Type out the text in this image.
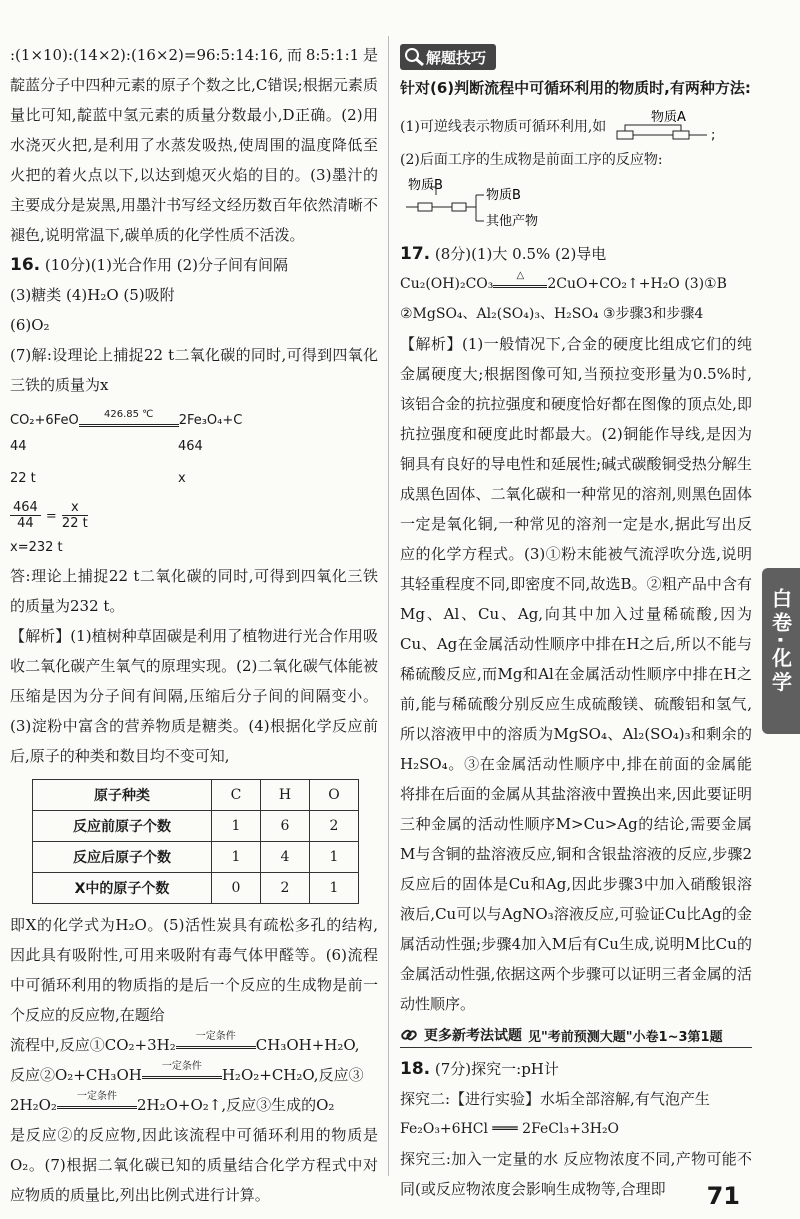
:(1×10):(14×2):(16×2)=96:5:14:16,而8:5:1:1是靛蓝分子中四种元素的原子个数之比,C错误;根据元素质量比可知,靛蓝中氢元素的质量分数最小,D正确。(2)用水浇灭火把,是利用了水蒸发吸热,使周围的温度降低至火把的着火点以下,以达到熄灭火焰的目的。(3)墨汁的主要成分是炭黑,用墨汁书写经文经历数百年依然清晰不褪色,说明常温下,碳单质的化学性质不活泼。

16. (10分)(1)光合作用 (2)分子间有间隔

(3)糖类 (4)H₂O (5)吸附

(6)O₂

(7)解:设理论上捕捉22 t二氧化碳的同时,可得到四氧化三铁的质量为x

CO₂+6FeO	426.85 ℃	2Fe₃O₄+C
44	464
22 t	x
$\frac{464}{44} = \frac{x}{22 t}$
x=232 t

答:理论上捕捉22 t二氧化碳的同时,可得到四氧化三铁的质量为232 t。

【解析】(1)植树种草固碳是利用了植物进行光合作用吸收二氧化碳产生氧气的原理实现。(2)二氧化碳气体能被压缩是因为分子间有间隔,压缩后分子间的间隔变小。(3)淀粉中富含的营养物质是糖类。(4)根据化学反应前后,原子的种类和数目均不变可知,

原子种类	C	H	O
反应前原子个数	1	6	2
反应后原子个数	1	4	1
X中的原子个数	0	2	1

即X的化学式为H₂O。(5)活性炭具有疏松多孔的结构,因此具有吸附性,可用来吸附有毒气体甲醛等。(6)流程中可循环利用的物质指的是后一个反应的生成物是前一个反应的反应物,在题给

流程中,反应①CO₂+3H₂ 一定条件 CH₃OH+H₂O,

反应②O₂+CH₃OH 一定条件 H₂O₂+CH₂O,反应③

2H₂O₂ 一定条件 2H₂O+O₂↑,反应③生成的O₂

是反应②的反应物,因此该流程中可循环利用的物质是O₂。(7)根据二氧化碳已知的质量结合化学方程式中对应物质的质量比,列出比例式进行计算。

解题技巧

针对(6)判断流程中可循环利用的物质时,有两种方法:

(1)可逆线表示物质可循环利用,如
物质A
;

(2)后面工序的生成物是前面工序的反应物:

物质B
物质B
其他产物

17. (8分)(1)大 0.5% (2)导电

Cu₂(OH)₂CO₃△2CuO+CO₂↑+H₂O (3)①B

②MgSO₄、Al₂(SO₄)₃、H₂SO₄ ③步骤3和步骤4

【解析】(1)一般情况下,合金的硬度比组成它们的纯金属硬度大;根据图像可知,当预拉变形量为0.5%时,该铝合金的抗拉强度和硬度恰好都在图像的顶点处,即抗拉强度和硬度此时都最大。(2)铜能作导线,是因为铜具有良好的导电性和延展性;碱式碳酸铜受热分解生成黑色固体、二氧化碳和一种常见的溶剂,则黑色固体一定是氧化铜,一种常见的溶剂一定是水,据此写出反应的化学方程式。(3)①粉末能被气流浮吹分选,说明其轻重程度不同,即密度不同,故选B。②粗产品中含有Mg、Al、Cu、Ag,向其中加入过量稀硫酸,因为Cu、Ag在金属活动性顺序中排在H之后,所以不能与稀硫酸反应,而Mg和Al在金属活动性顺序中排在H之前,能与稀硫酸分别反应生成硫酸镁、硫酸铝和氢气,所以溶液甲中的溶质为MgSO₄、Al₂(SO₄)₃和剩余的H₂SO₄。③在金属活动性顺序中,排在前面的金属能将排在后面的金属从其盐溶液中置换出来,因此要证明三种金属的活动性顺序M>Cu>Ag的结论,需要金属M与含铜的盐溶液反应,铜和含银盐溶液的反应,步骤2反应后的固体是Cu和Ag,因此步骤3中加入硝酸银溶液后,Cu可以与AgNO₃溶液反应,可验证Cu比Ag的金属活动性强;步骤4加入M后有Cu生成,说明M比Cu的金属活动性强,依据这两个步骤可以证明三者金属的活动性顺序。

更多新考法试题 见"考前预测大题"小卷1~3第1题

18. (7分)探究一:pH计

探究二:【进行实验】水垢全部溶解,有气泡产生

Fe₂O₃+6HCl ═══ 2FeCl₃+3H₂O

探究三:加入一定量的水 反应物浓度不同,产物可能不同(或反应物浓度会影响生成物等,合理即

白卷·化学
71
